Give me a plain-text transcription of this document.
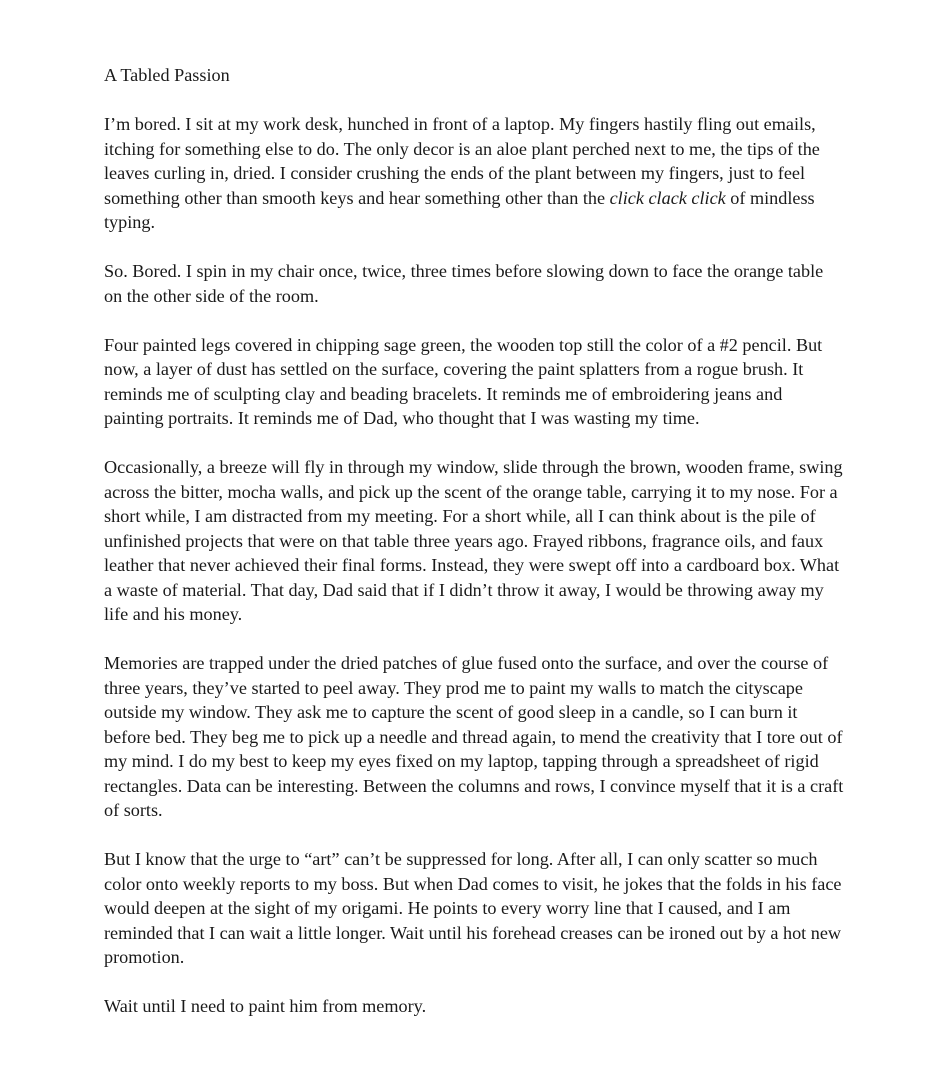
A Tabled Passion

I’m bored. I sit at my work desk, hunched in front of a laptop. My fingers hastily fling out emails, itching for something else to do. The only decor is an aloe plant perched next to me, the tips of the leaves curling in, dried. I consider crushing the ends of the plant between my fingers, just to feel something other than smooth keys and hear something other than the click clack click of mindless typing.

So. Bored. I spin in my chair once, twice, three times before slowing down to face the orange table on the other side of the room.

Four painted legs covered in chipping sage green, the wooden top still the color of a #2 pencil. But now, a layer of dust has settled on the surface, covering the paint splatters from a rogue brush. It reminds me of sculpting clay and beading bracelets. It reminds me of embroidering jeans and painting portraits. It reminds me of Dad, who thought that I was wasting my time.

Occasionally, a breeze will fly in through my window, slide through the brown, wooden frame, swing across the bitter, mocha walls, and pick up the scent of the orange table, carrying it to my nose. For a short while, I am distracted from my meeting. For a short while, all I can think about is the pile of unfinished projects that were on that table three years ago. Frayed ribbons, fragrance oils, and faux leather that never achieved their final forms. Instead, they were swept off into a cardboard box. What a waste of material. That day, Dad said that if I didn’t throw it away, I would be throwing away my life and his money.

Memories are trapped under the dried patches of glue fused onto the surface, and over the course of three years, they’ve started to peel away. They prod me to paint my walls to match the cityscape outside my window. They ask me to capture the scent of good sleep in a candle, so I can burn it before bed. They beg me to pick up a needle and thread again, to mend the creativity that I tore out of my mind. I do my best to keep my eyes fixed on my laptop, tapping through a spreadsheet of rigid rectangles. Data can be interesting. Between the columns and rows, I convince myself that it is a craft of sorts.

But I know that the urge to “art” can’t be suppressed for long. After all, I can only scatter so much color onto weekly reports to my boss. But when Dad comes to visit, he jokes that the folds in his face would deepen at the sight of my origami. He points to every worry line that I caused, and I am reminded that I can wait a little longer. Wait until his forehead creases can be ironed out by a hot new promotion.

Wait until I need to paint him from memory.
